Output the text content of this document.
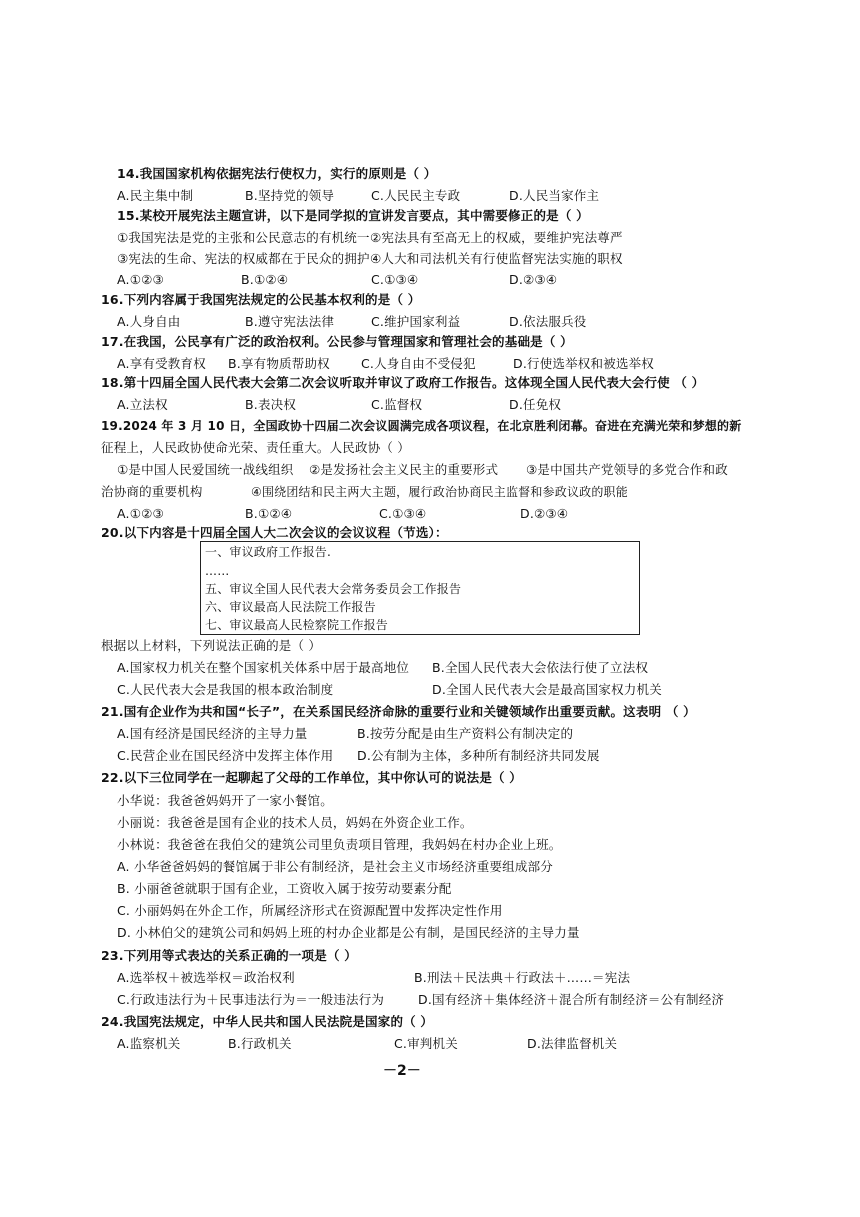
14.我国国家机构依据宪法行使权力，实行的原则是（ ）
A.民主集中制	B.坚持党的领导	C.人民民主专政	D.人民当家作主
15.某校开展宪法主题宣讲，以下是同学拟的宣讲发言要点，其中需要修正的是（ ）
①我国宪法是党的主张和公民意志的有机统一 ②宪法具有至高无上的权威，要维护宪法尊严
③宪法的生命、宪法的权威都在于民众的拥护 ④人大和司法机关有行使监督宪法实施的职权
A.①②③	B.①②④	C.①③④	D.②③④
16.下列内容属于我国宪法规定的公民基本权利的是（ ）
A.人身自由	B.遵守宪法法律	C.维护国家利益	D.依法服兵役
17.在我国，公民享有广泛的政治权利。公民参与管理国家和管理社会的基础是（ ）
A.享有受教育权 B.享有物质帮助权 C.人身自由不受侵犯	D.行使选举权和被选举权
18.第十四届全国人民代表大会第二次会议听取并审议了政府工作报告。这体现全国人民代表大会行使 （ ）
A.立法权	B.表决权	C.监督权	D.任免权
19.2024 年 3 月 10 日，全国政协十四届二次会议圆满完成各项议程，在北京胜利闭幕。奋进在充满光荣和梦想的新
征程上，人民政协使命光荣、责任重大。人民政协（ ）
①是中国人民爱国统一战线组织 ②是发扬社会主义民主的重要形式 ③是中国共产党领导的多党合作和政
治协商的重要机构	④围绕团结和民主两大主题，履行政治协商民主监督和参政议政的职能
A.①②③	B.①②④	C.①③④	D.②③④
20.以下内容是十四届全国人大二次会议的会议议程（节选）：
一、审议政府工作报告.
……
五、审议全国人民代表大会常务委员会工作报告
六、审议最高人民法院工作报告
七、审议最高人民检察院工作报告
根据以上材料，下列说法正确的是（ ）
A.国家权力机关在整个国家机关体系中居于最高地位 B.全国人民代表大会依法行使了立法权
C.人民代表大会是我国的根本政治制度	D.全国人民代表大会是最高国家权力机关
21.国有企业作为共和国“长子”，在关系国民经济命脉的重要行业和关键领域作出重要贡献。这表明 （ ）
A.国有经济是国民经济的主导力量	B.按劳分配是由生产资料公有制决定的
C.民营企业在国民经济中发挥主体作用 D.公有制为主体，多种所有制经济共同发展
22.以下三位同学在一起聊起了父母的工作单位，其中你认可的说法是（ ）
小华说：我爸爸妈妈开了一家小餐馆。
小丽说：我爸爸是国有企业的技术人员，妈妈在外资企业工作。
小林说：我爸爸在我伯父的建筑公司里负责项目管理，我妈妈在村办企业上班。
A. 小华爸爸妈妈的餐馆属于非公有制经济，是社会主义市场经济重要组成部分
B. 小丽爸爸就职于国有企业，工资收入属于按劳动要素分配
C. 小丽妈妈在外企工作，所属经济形式在资源配置中发挥决定性作用
D. 小林伯父的建筑公司和妈妈上班的村办企业都是公有制，是国民经济的主导力量
23.下列用等式表达的关系正确的一项是（ ）
A.选举权＋被选举权＝政治权利	B.刑法＋民法典＋行政法＋……＝宪法
C.行政违法行为＋民事违法行为＝一般违法行为	D.国有经济＋集体经济＋混合所有制经济＝公有制经济
24.我国宪法规定，中华人民共和国人民法院是国家的（ ）
A.监察机关	B.行政机关	C.审判机关	D.法律监督机关
－2－
